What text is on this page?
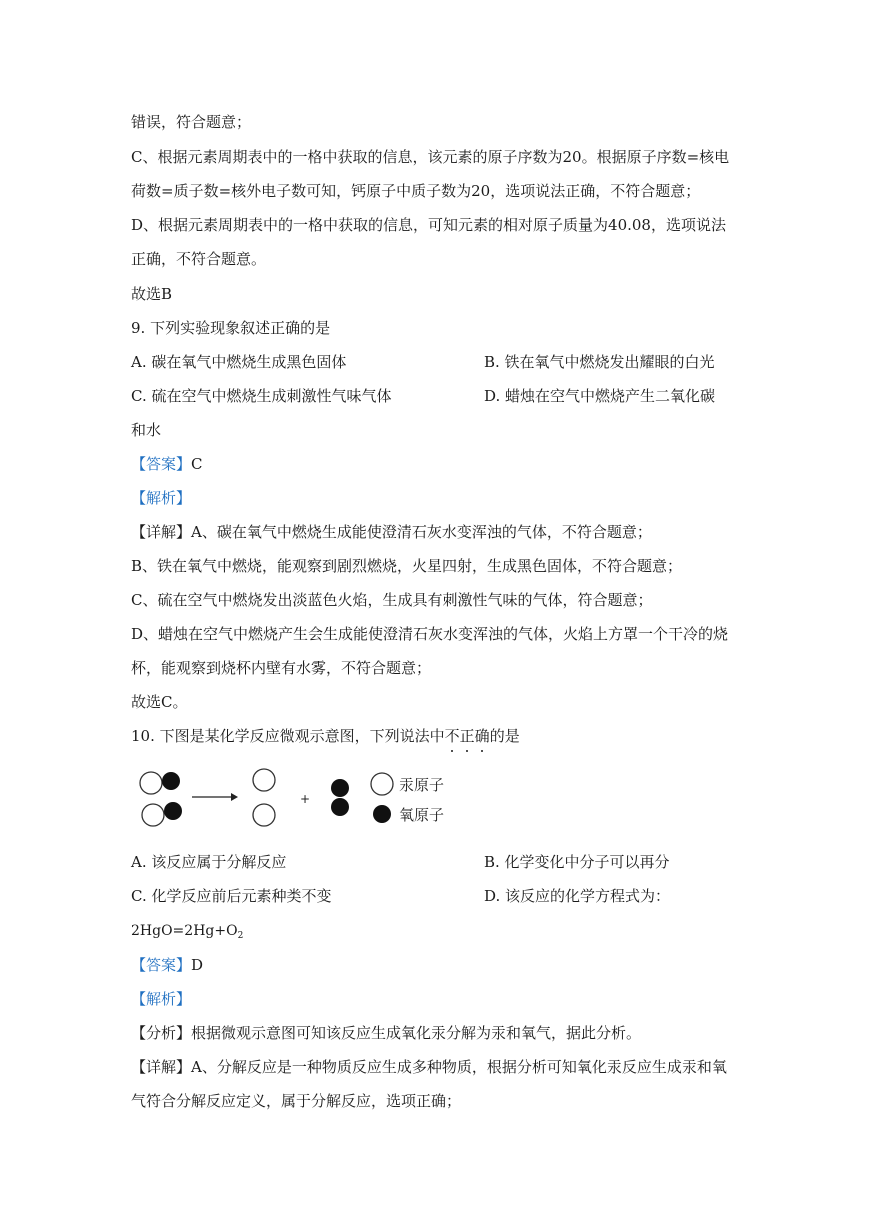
错误，符合题意；
C、根据元素周期表中的一格中获取的信息，该元素的原子序数为20。根据原子序数=核电
荷数=质子数=核外电子数可知，钙原子中质子数为20，选项说法正确，不符合题意；
D、根据元素周期表中的一格中获取的信息，可知元素的相对原子质量为40.08，选项说法
正确，不符合题意。
故选B
9. 下列实验现象叙述正确的是
A. 碳在氧气中燃烧生成黑色固体	B. 铁在氧气中燃烧发出耀眼的白光
C. 硫在空气中燃烧生成刺激性气味气体	D. 蜡烛在空气中燃烧产生二氧化碳
和水
【答案】C
【解析】
【详解】A、碳在氧气中燃烧生成能使澄清石灰水变浑浊的气体，不符合题意；
B、铁在氧气中燃烧，能观察到剧烈燃烧，火星四射，生成黑色固体，不符合题意；
C、硫在空气中燃烧发出淡蓝色火焰，生成具有刺激性气味的气体，符合题意；
D、蜡烛在空气中燃烧产生会生成能使澄清石灰水变浑浊的气体，火焰上方罩一个干冷的烧
杯，能观察到烧杯内壁有水雾，不符合题意；
故选C。
10. 下图是某化学反应微观示意图，下列说法中不正确的是
+
汞原子
氧原子
A. 该反应属于分解反应	B. 化学变化中分子可以再分
C. 化学反应前后元素种类不变	D. 该反应的化学方程式为：
$2HgO=2Hg+O_2$
【答案】D
【解析】
【分析】根据微观示意图可知该反应生成氧化汞分解为汞和氧气，据此分析。
【详解】A、分解反应是一种物质反应生成多种物质，根据分析可知氧化汞反应生成汞和氧
气符合分解反应定义，属于分解反应，选项正确；
